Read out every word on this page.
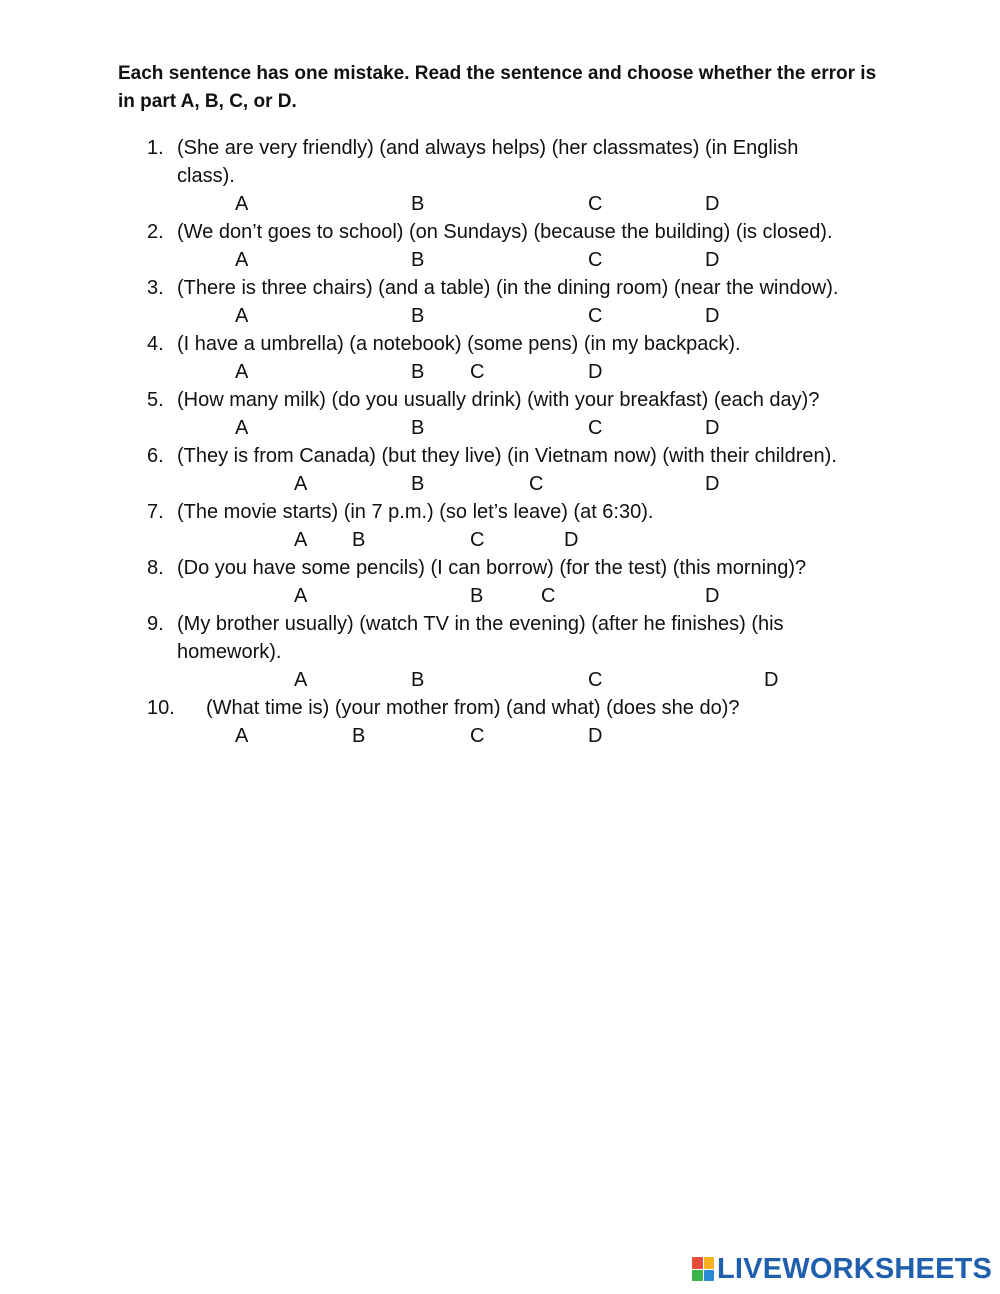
Each sentence has one mistake. Read the sentence and choose whether the error is in part A, B, C, or D.
1. (She are very friendly) (and always helps) (her classmates) (in English
class).
A	B	C	D
2. (We don’t goes to school) (on Sundays) (because the building) (is closed).
A	B	C	D
3. (There is three chairs) (and a table) (in the dining room) (near the window).
A	B	C	D
4. (I have a umbrella) (a notebook) (some pens) (in my backpack).
A	B C	D
5. (How many milk) (do you usually drink) (with your breakfast) (each day)?
A	B	C	D
6. (They is from Canada) (but they live) (in Vietnam now) (with their children).
A	B	C	D
7. (The movie starts) (in 7 p.m.) (so let’s leave) (at 6:30).
A B	C	D
8. (Do you have some pencils) (I can borrow) (for the test) (this morning)?
A	B	C	D
9. (My brother usually) (watch TV in the evening) (after he finishes) (his
homework).
A	B	C	D
10. (What time is) (your mother from) (and what) (does she do)?
A	B	C	D
LIVEWORKSHEETS
